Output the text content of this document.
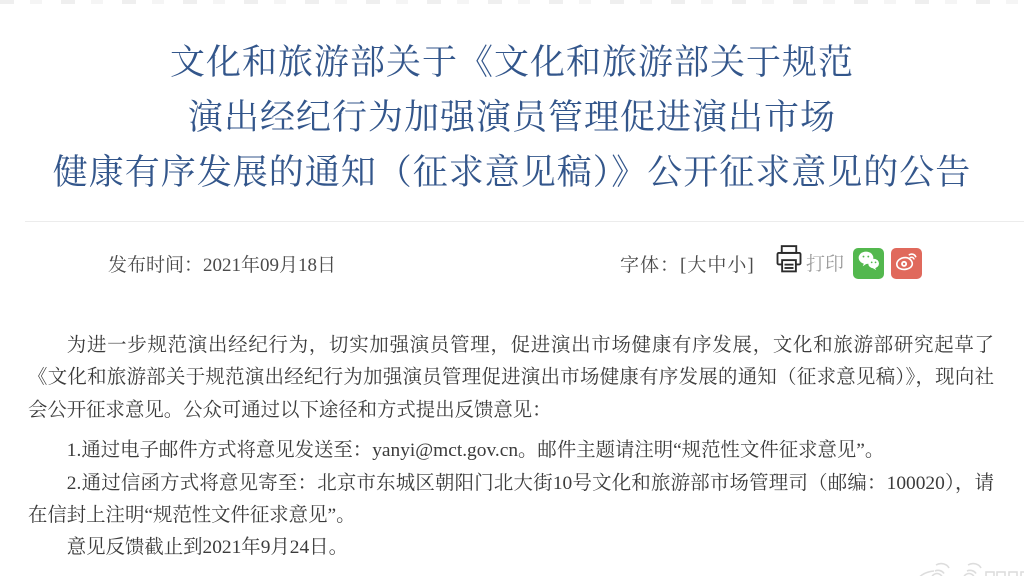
文化和旅游部关于《文化和旅游部关于规范
演出经纪行为加强演员管理促进演出市场
健康有序发展的通知（征求意见稿）》公开征求意见的公告
发布时间：2021年09月18日	字体：[大中小]	打印

为进一步规范演出经纪行为，切实加强演员管理，促进演出市场健康有序发展，文化和旅游部研究起草了《文化和旅游部关于规范演出经纪行为加强演员管理促进演出市场健康有序发展的通知（征求意见稿）》，现向社会公开征求意见。公众可通过以下途径和方式提出反馈意见：

1.通过电子邮件方式将意见发送至：yanyi@mct.gov.cn。邮件主题请注明“规范性文件征求意见”。

2.通过信函方式将意见寄至：北京市东城区朝阳门北大街10号文化和旅游部市场管理司（邮编：100020），请在信封上注明“规范性文件征求意见”。

意见反馈截止到2021年9月24日。
